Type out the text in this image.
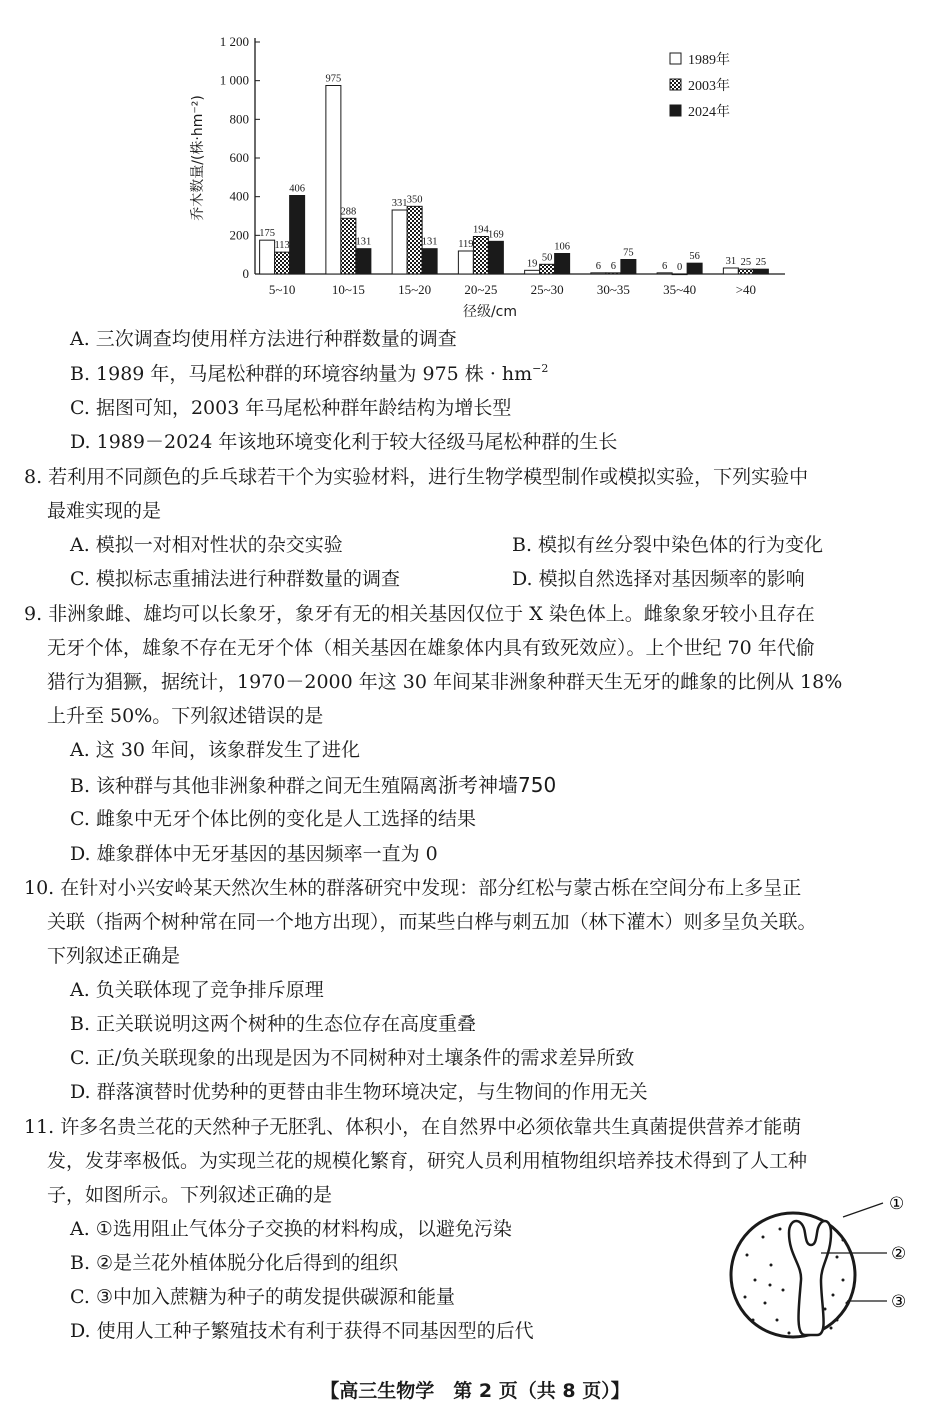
0
200
400
600
800
1 000
1 200
乔木数量/(株·hm⁻²)
175
113
406
5~10
975
288
131
10~15
331 350
131
15~20
119
194 169
20~25
19
50
106
25~30
6 6
75
30~35
6 0
56
35~40
31 25 25
>40
径级/cm
1989年
2003年
2024年
A. 三次调查均使用样方法进行种群数量的调查
B. 1989 年，马尾松种群的环境容纳量为 975 株 · $hm^{-2}$
C. 据图可知，2003 年马尾松种群年龄结构为增长型
D. 1989－2024 年该地环境变化利于较大径级马尾松种群的生长
8. 若利用不同颜色的乒乓球若干个为实验材料，进行生物学模型制作或模拟实验，下列实验中
最难实现的是
A. 模拟一对相对性状的杂交实验	B. 模拟有丝分裂中染色体的行为变化
C. 模拟标志重捕法进行种群数量的调查	D. 模拟自然选择对基因频率的影响
9. 非洲象雌、雄均可以长象牙，象牙有无的相关基因仅位于 X 染色体上。雌象象牙较小且存在
无牙个体，雄象不存在无牙个体（相关基因在雄象体内具有致死效应）。上个世纪 70 年代偷
猎行为猖獗，据统计，1970－2000 年这 30 年间某非洲象种群天生无牙的雌象的比例从 18%
上升至 50%。下列叙述错误的是
A. 这 30 年间，该象群发生了进化
B. 该种群与其他非洲象种群之间无生殖隔离浙考神墙750
C. 雌象中无牙个体比例的变化是人工选择的结果
D. 雄象群体中无牙基因的基因频率一直为 0
10. 在针对小兴安岭某天然次生林的群落研究中发现：部分红松与蒙古栎在空间分布上多呈正
关联（指两个树种常在同一个地方出现），而某些白桦与刺五加（林下灌木）则多呈负关联。
下列叙述正确是
A. 负关联体现了竞争排斥原理
B. 正关联说明这两个树种的生态位存在高度重叠
C. 正/负关联现象的出现是因为不同树种对土壤条件的需求差异所致
D. 群落演替时优势种的更替由非生物环境决定，与生物间的作用无关
11. 许多名贵兰花的天然种子无胚乳、体积小，在自然界中必须依靠共生真菌提供营养才能萌
发，发芽率极低。为实现兰花的规模化繁育，研究人员利用植物组织培养技术得到了人工种
子，如图所示。下列叙述正确的是
A. ①选用阻止气体分子交换的材料构成，以避免污染
B. ②是兰花外植体脱分化后得到的组织
C. ③中加入蔗糖为种子的萌发提供碳源和能量
D. 使用人工种子繁殖技术有利于获得不同基因型的后代
①
②
③
【高三生物学　第 2 页（共 8 页）】
